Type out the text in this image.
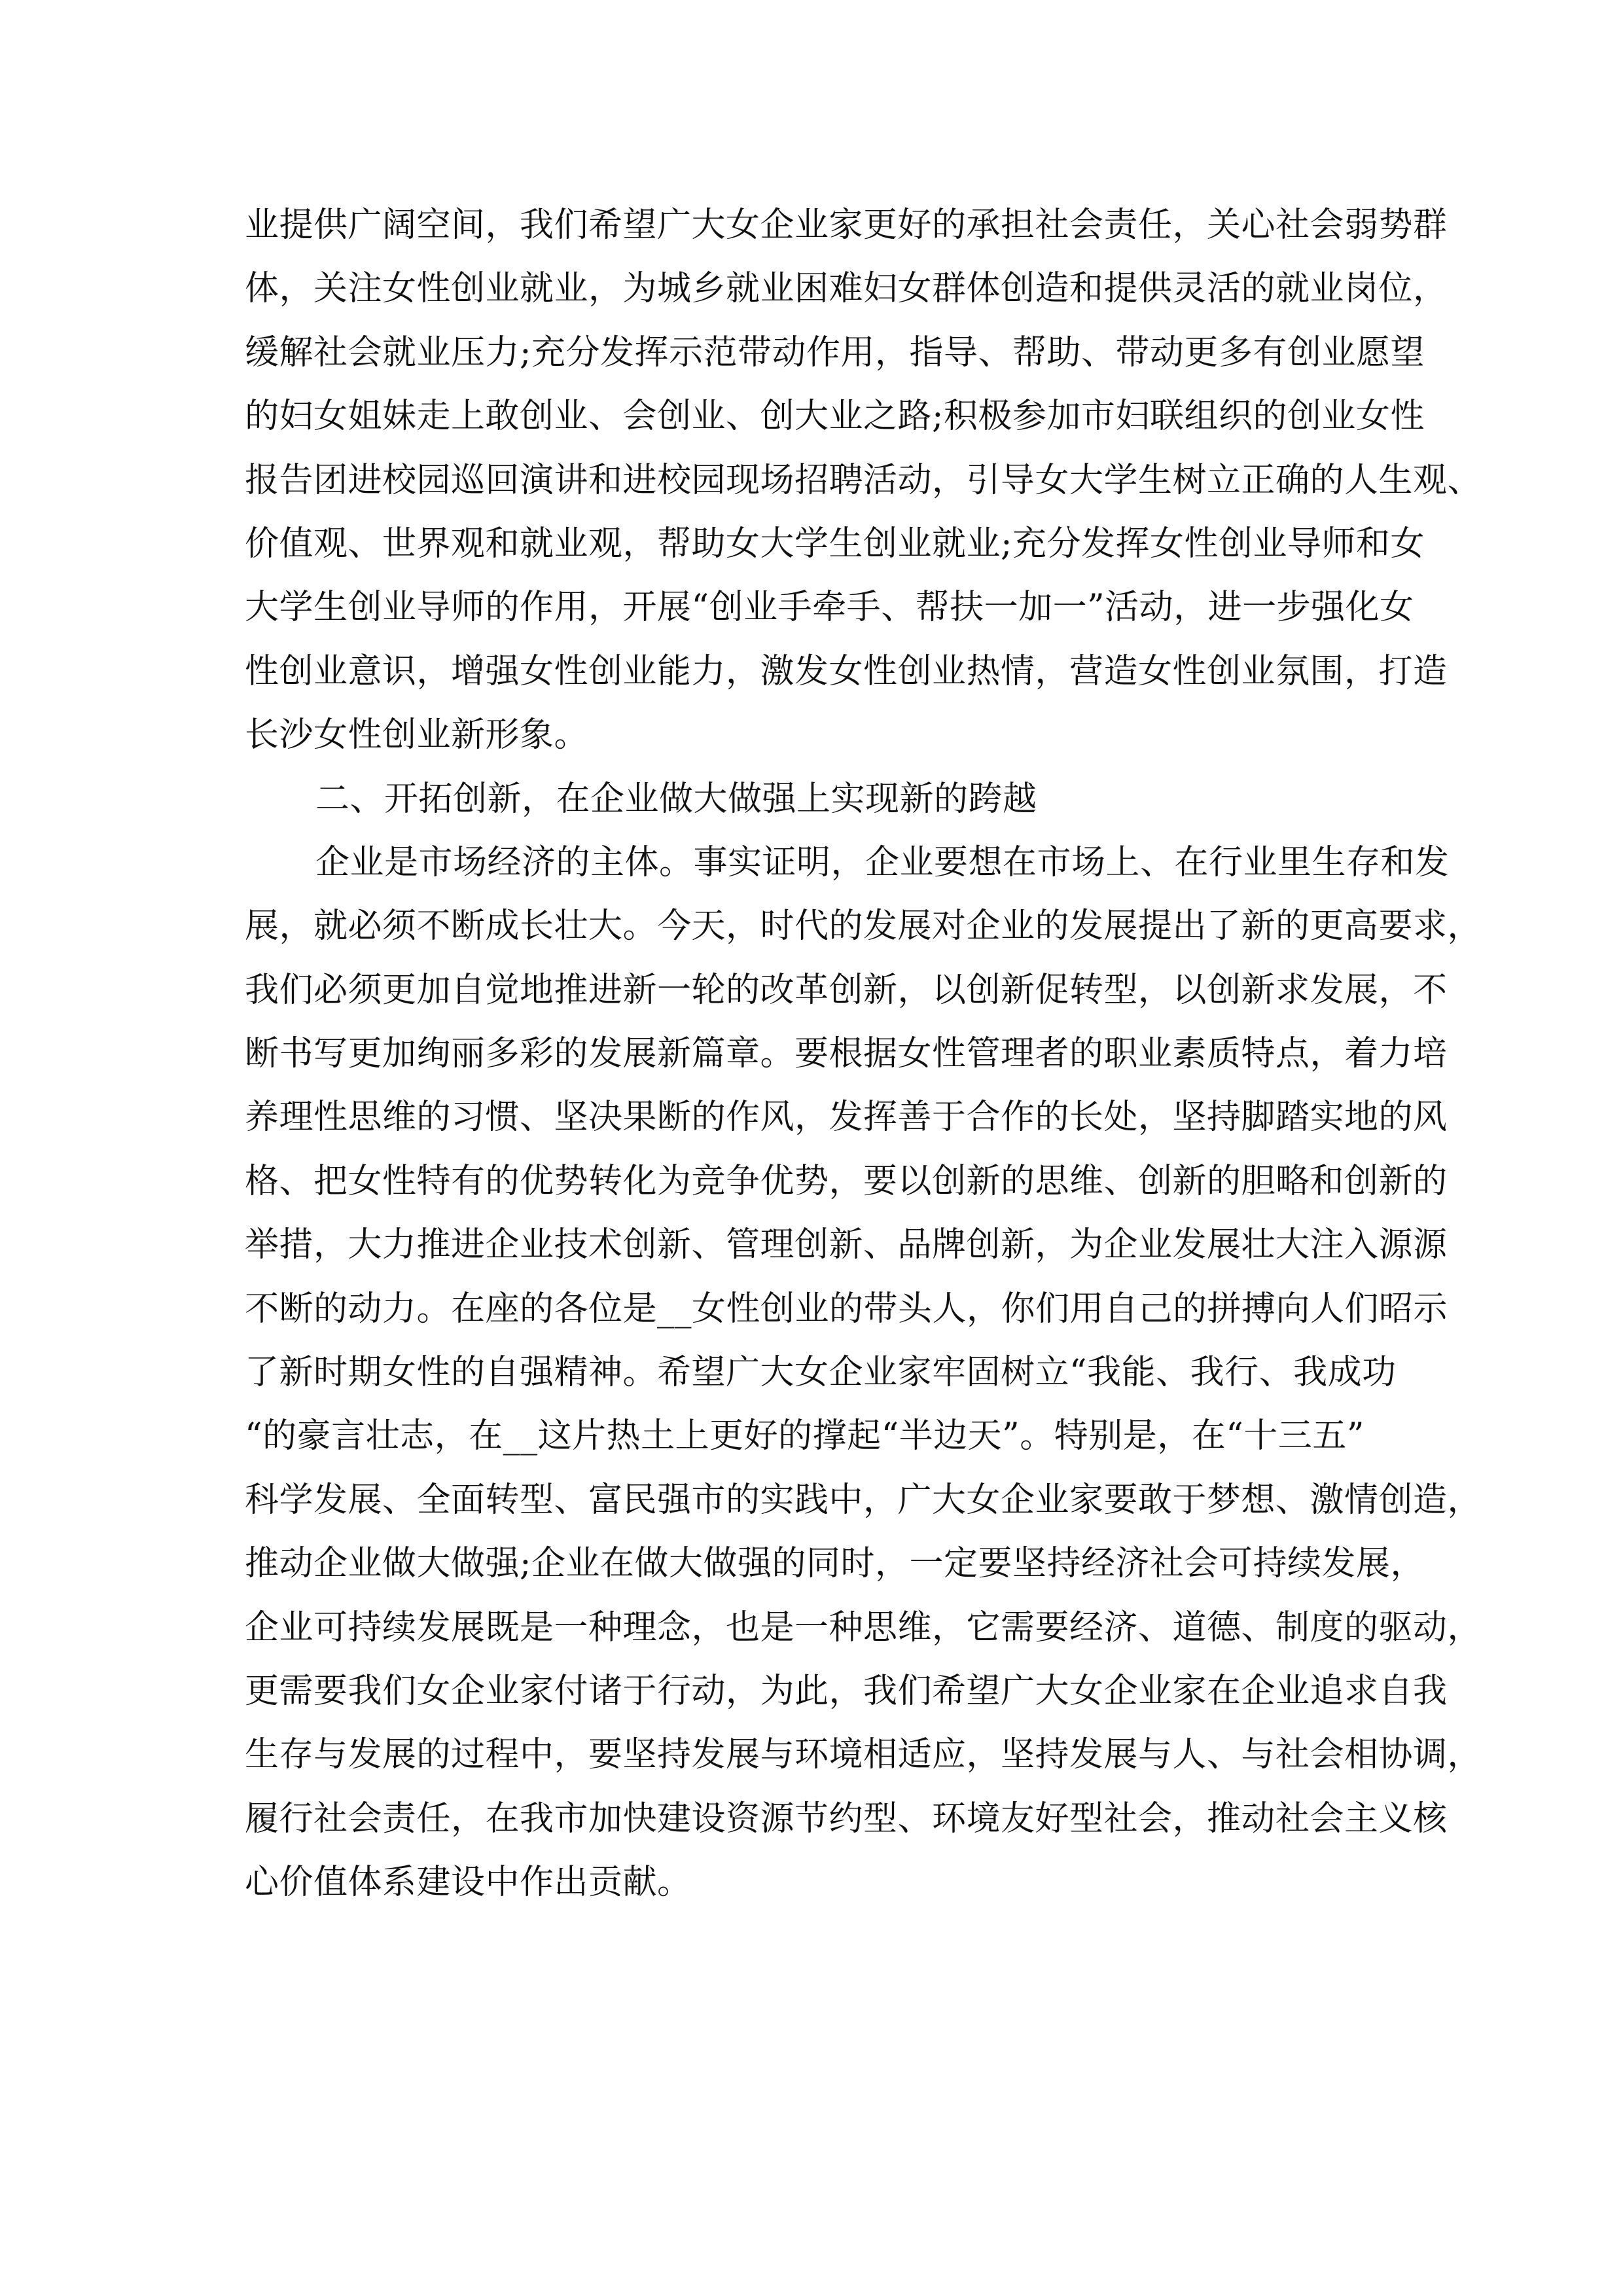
业提供广阔空间，我们希望广大女企业家更好的承担社会责任，关心社会弱势群
体，关注女性创业就业，为城乡就业困难妇女群体创造和提供灵活的就业岗位，
缓解社会就业压力;充分发挥示范带动作用，指导、帮助、带动更多有创业愿望
的妇女姐妹走上敢创业、会创业、创大业之路;积极参加市妇联组织的创业女性
报告团进校园巡回演讲和进校园现场招聘活动，引导女大学生树立正确的人生观、
价值观、世界观和就业观，帮助女大学生创业就业;充分发挥女性创业导师和女
大学生创业导师的作用，开展“创业手牵手、帮扶一加一”活动，进一步强化女
性创业意识，增强女性创业能力，激发女性创业热情，营造女性创业氛围，打造
长沙女性创业新形象。
二、开拓创新，在企业做大做强上实现新的跨越
企业是市场经济的主体。事实证明，企业要想在市场上、在行业里生存和发
展，就必须不断成长壮大。今天，时代的发展对企业的发展提出了新的更高要求，
我们必须更加自觉地推进新一轮的改革创新，以创新促转型，以创新求发展，不
断书写更加绚丽多彩的发展新篇章。要根据女性管理者的职业素质特点，着力培
养理性思维的习惯、坚决果断的作风，发挥善于合作的长处，坚持脚踏实地的风
格、把女性特有的优势转化为竞争优势，要以创新的思维、创新的胆略和创新的
举措，大力推进企业技术创新、管理创新、品牌创新，为企业发展壮大注入源源
不断的动力。在座的各位是__女性创业的带头人，你们用自己的拼搏向人们昭示
了新时期女性的自强精神。希望广大女企业家牢固树立“我能、我行、我成功
“的豪言壮志，在__这片热土上更好的撑起“半边天”。特别是，在“十三五”
科学发展、全面转型、富民强市的实践中，广大女企业家要敢于梦想、激情创造，
推动企业做大做强;企业在做大做强的同时，一定要坚持经济社会可持续发展，
企业可持续发展既是一种理念，也是一种思维，它需要经济、道德、制度的驱动，
更需要我们女企业家付诸于行动，为此，我们希望广大女企业家在企业追求自我
生存与发展的过程中，要坚持发展与环境相适应，坚持发展与人、与社会相协调，
履行社会责任，在我市加快建设资源节约型、环境友好型社会，推动社会主义核
心价值体系建设中作出贡献。
